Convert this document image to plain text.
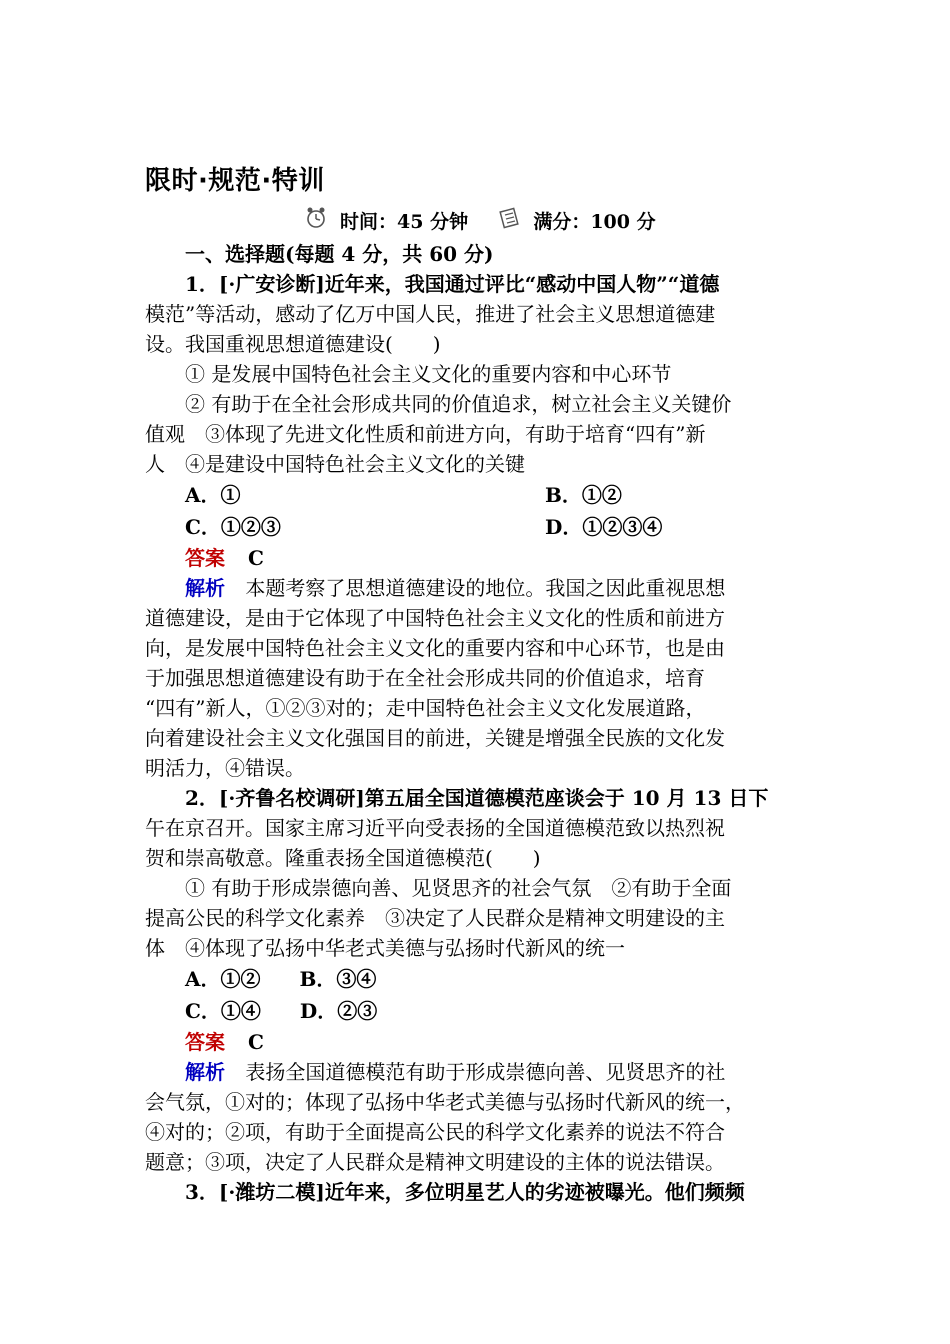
限时·规范·特训
时间：45 分钟	满分：100 分
一、选择题(每题 4 分，共 60 分)
1．[·广安诊断]近年来，我国通过评比“感动中国人物”“道德
模范”等活动，感动了亿万中国人民，推进了社会主义思想道德建
设。我国重视思想道德建设(　　)
① 是发展中国特色社会主义文化的重要内容和中心环节
② 有助于在全社会形成共同的价值追求，树立社会主义关键价
值观　③体现了先进文化性质和前进方向，有助于培育“四有”新
人　④是建设中国特色社会主义文化的关键
A．①	B．①②
C．①②③	D．①②③④
答案 C
解析 本题考察了思想道德建设的地位。我国之因此重视思想
道德建设，是由于它体现了中国特色社会主义文化的性质和前进方
向，是发展中国特色社会主义文化的重要内容和中心环节，也是由
于加强思想道德建设有助于在全社会形成共同的价值追求，培育
“四有”新人，①②③对的；走中国特色社会主义文化发展道路，
向着建设社会主义文化强国目的前进，关键是增强全民族的文化发
明活力，④错误。
2．[·齐鲁名校调研]第五届全国道德模范座谈会于 10 月 13 日下
午在京召开。国家主席习近平向受表扬的全国道德模范致以热烈祝
贺和崇高敬意。隆重表扬全国道德模范(　　)
① 有助于形成崇德向善、见贤思齐的社会气氛　②有助于全面
提高公民的科学文化素养　③决定了人民群众是精神文明建设的主
体　④体现了弘扬中华老式美德与弘扬时代新风的统一
A．①② B．③④
C．①④ D．②③
答案 C
解析 表扬全国道德模范有助于形成崇德向善、见贤思齐的社
会气氛，①对的；体现了弘扬中华老式美德与弘扬时代新风的统一，
④对的；②项，有助于全面提高公民的科学文化素养的说法不符合
题意；③项，决定了人民群众是精神文明建设的主体的说法错误。
3．[·潍坊二模]近年来，多位明星艺人的劣迹被曝光。他们频频
